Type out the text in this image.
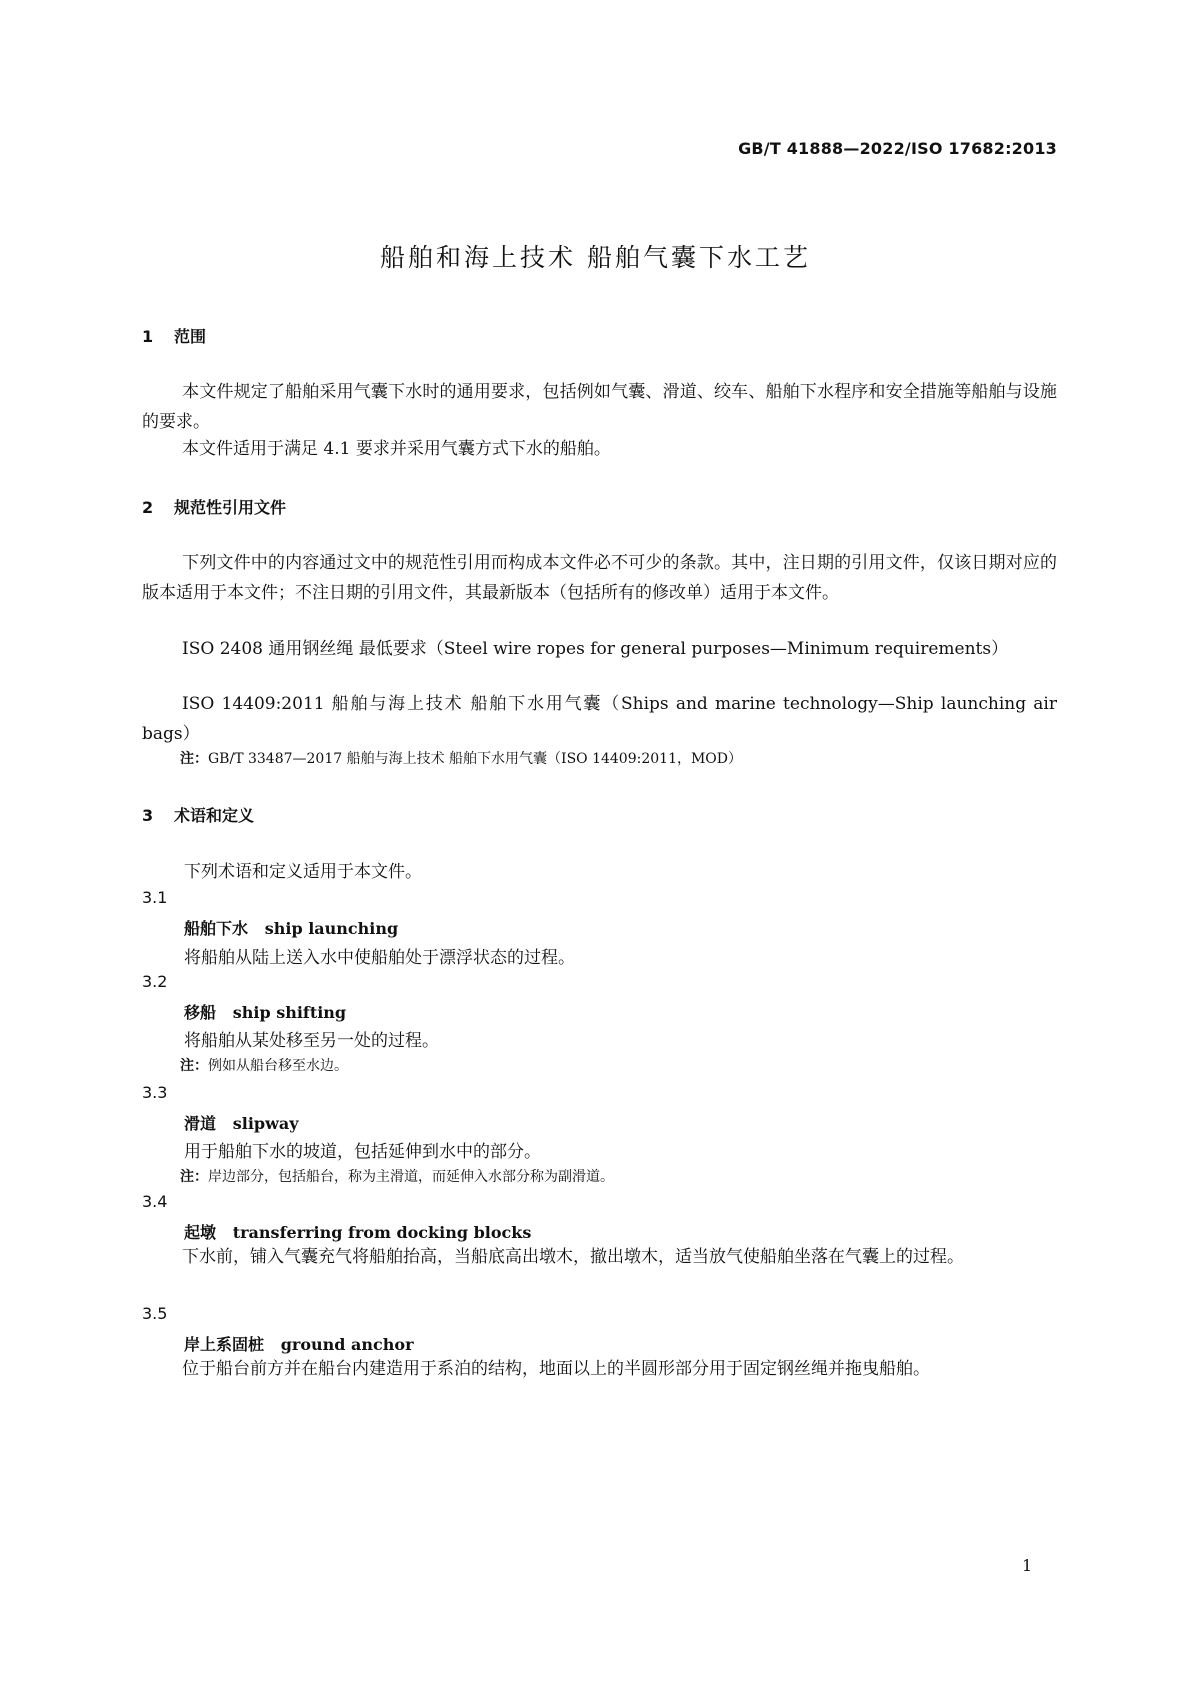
GB/T 41888—2022/ISO 17682:2013
船舶和海上技术 船舶气囊下水工艺
1 范围
本文件规定了船舶采用气囊下水时的通用要求，包括例如气囊、滑道、绞车、船舶下水程序和安全措施等船舶与设施的要求。
本文件适用于满足 4.1 要求并采用气囊方式下水的船舶。
2 规范性引用文件
下列文件中的内容通过文中的规范性引用而构成本文件必不可少的条款。其中，注日期的引用文件，仅该日期对应的版本适用于本文件；不注日期的引用文件，其最新版本（包括所有的修改单）适用于本文件。
ISO 2408 通用钢丝绳 最低要求（Steel wire ropes for general purposes—Minimum requirements）
ISO 14409:2011 船舶与海上技术 船舶下水用气囊（Ships and marine technology—Ship launching air bags）
注：GB/T 33487—2017 船舶与海上技术 船舶下水用气囊（ISO 14409:2011，MOD）
3 术语和定义
下列术语和定义适用于本文件。
3.1
船舶下水 ship launching
将船舶从陆上送入水中使船舶处于漂浮状态的过程。
3.2
移船 ship shifting
将船舶从某处移至另一处的过程。
注：例如从船台移至水边。
3.3
滑道 slipway
用于船舶下水的坡道，包括延伸到水中的部分。
注：岸边部分，包括船台，称为主滑道，而延伸入水部分称为副滑道。
3.4
起墩 transferring from docking blocks
下水前，铺入气囊充气将船舶抬高，当船底高出墩木，撤出墩木，适当放气使船舶坐落在气囊上的过程。
3.5
岸上系固桩 ground anchor
位于船台前方并在船台内建造用于系泊的结构，地面以上的半圆形部分用于固定钢丝绳并拖曳船舶。
1
